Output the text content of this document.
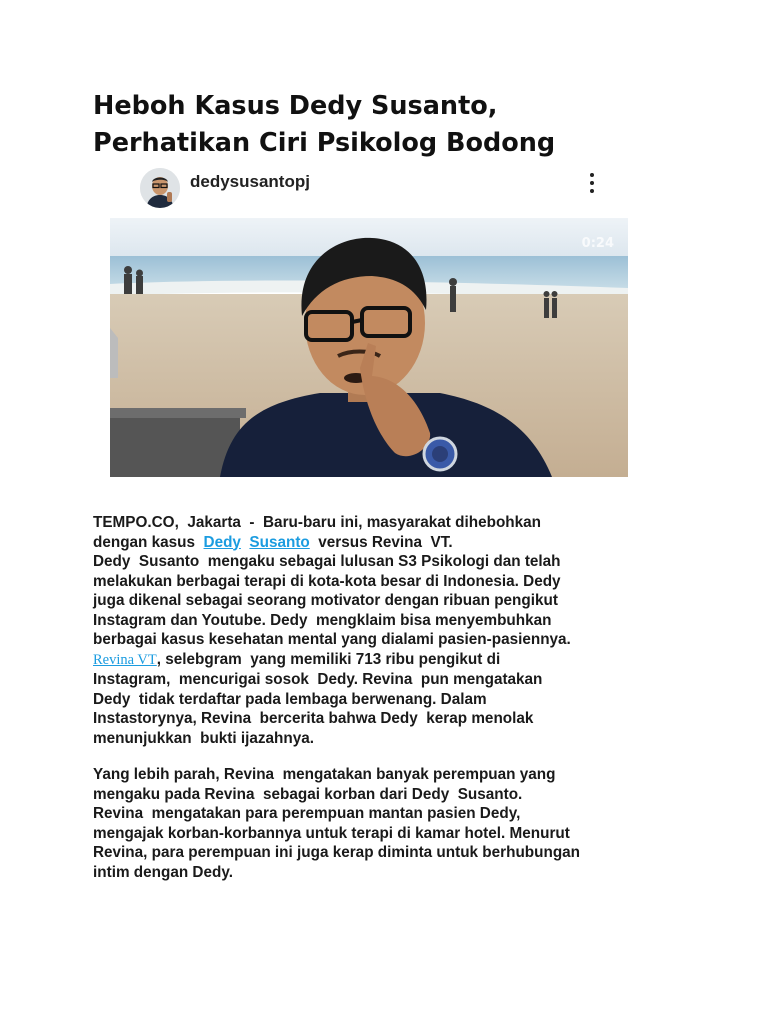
Heboh Kasus Dedy Susanto,
Perhatikan Ciri Psikolog Bodong
dedysusantopj
0:24

TEMPO.CO,  Jakarta  -  Baru-baru ini, masyarakat dihebohkan

dengan kasus  Dedy Susanto  versus Revina  VT.

Dedy  Susanto  mengaku sebagai lulusan S3 Psikologi dan telah

melakukan berbagai terapi di kota-kota besar di Indonesia. Dedy

juga dikenal sebagai seorang motivator dengan ribuan pengikut

Instagram dan Youtube. Dedy  mengklaim bisa menyembuhkan

berbagai kasus kesehatan mental yang dialami pasien-pasiennya.

Revina VT, selebgram  yang memiliki 713 ribu pengikut di

Instagram,  mencurigai sosok  Dedy. Revina  pun mengatakan

Dedy  tidak terdaftar pada lembaga berwenang. Dalam

Instastorynya, Revina  bercerita bahwa Dedy  kerap menolak

menunjukkan  bukti ijazahnya.

Yang lebih parah, Revina  mengatakan banyak perempuan yang

mengaku pada Revina  sebagai korban dari Dedy  Susanto.

Revina  mengatakan para perempuan mantan pasien Dedy,

mengajak korban-korbannya untuk terapi di kamar hotel. Menurut

Revina, para perempuan ini juga kerap diminta untuk berhubungan

intim dengan Dedy.
